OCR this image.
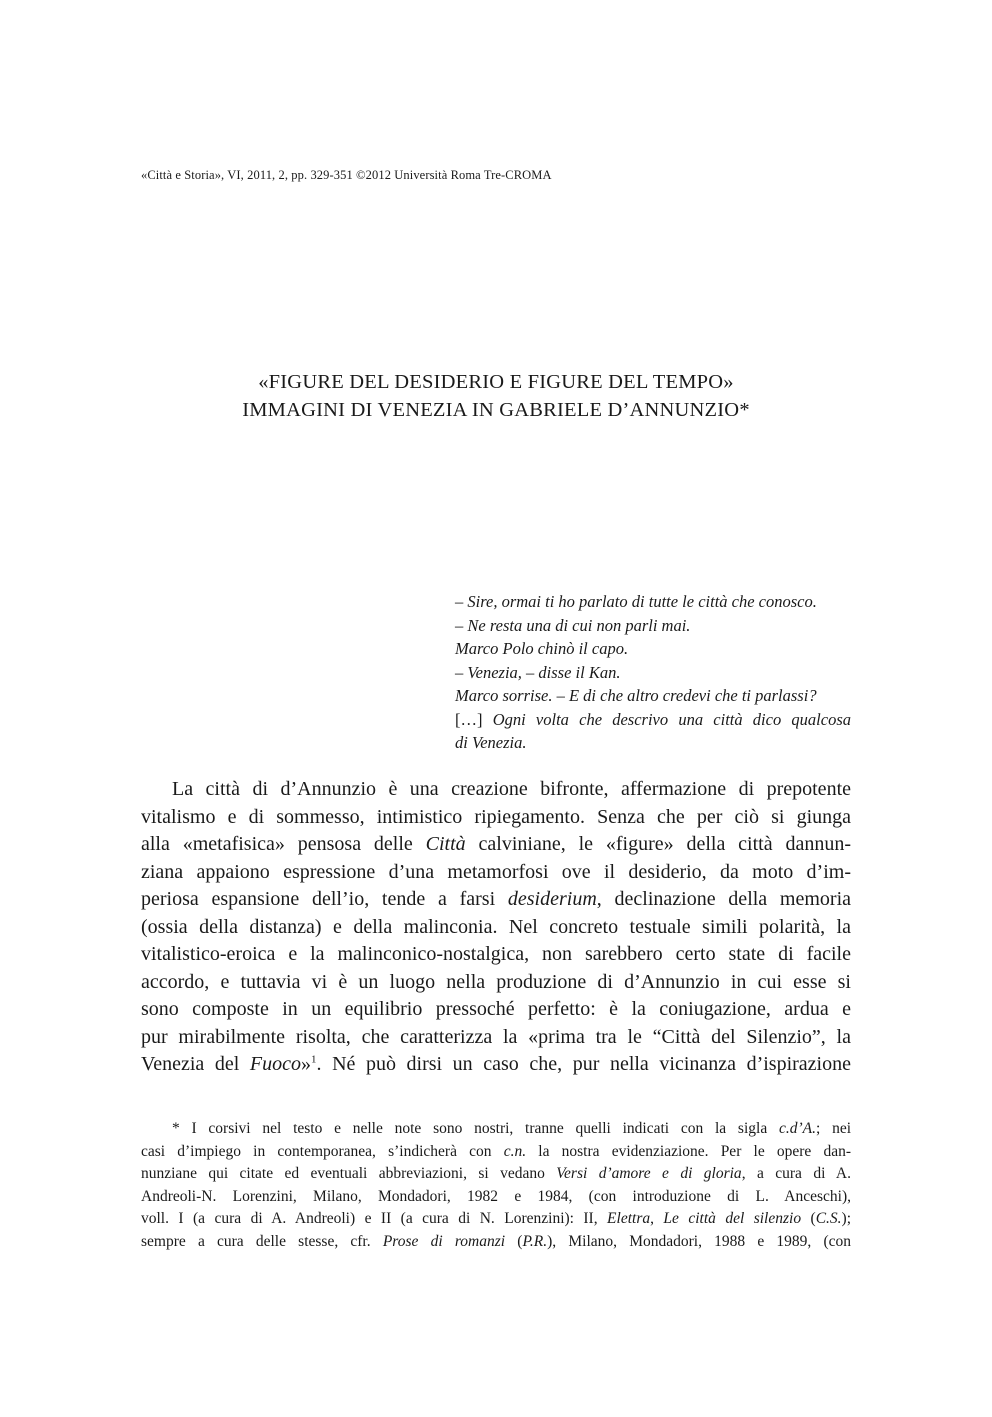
«Città e Storia», VI, 2011, 2, pp. 329-351 ©2012 Università Roma Tre-CROMA
«FIGURE DEL DESIDERIO E FIGURE DEL TEMPO»
IMMAGINI DI VENEZIA IN GABRIELE D’ANNUNZIO*
– Sire, ormai ti ho parlato di tutte le città che conosco.
– Ne resta una di cui non parli mai.
Marco Polo chinò il capo.
– Venezia, – disse il Kan.
Marco sorrise. – E di che altro credevi che ti parlassi?
[…] Ogni volta che descrivo una città dico qualcosa
di Venezia.
La città di d’Annunzio è una creazione bifronte, affermazione di prepotente
vitalismo e di sommesso, intimistico ripiegamento. Senza che per ciò si giunga
alla «metafisica» pensosa delle Città calviniane, le «figure» della città dannun-
ziana appaiono espressione d’una metamorfosi ove il desiderio, da moto d’im-
periosa espansione dell’io, tende a farsi desiderium, declinazione della memoria
(ossia della distanza) e della malinconia. Nel concreto testuale simili polarità, la
vitalistico-eroica e la malinconico-nostalgica, non sarebbero certo state di facile
accordo, e tuttavia vi è un luogo nella produzione di d’Annunzio in cui esse si
sono composte in un equilibrio pressoché perfetto: è la coniugazione, ardua e
pur mirabilmente risolta, che caratterizza la «prima tra le “Città del Silenzio”, la
Venezia del Fuoco»$^1$. Né può dirsi un caso che, pur nella vicinanza d’ispirazione
* I corsivi nel testo e nelle note sono nostri, tranne quelli indicati con la sigla c.d’A.; nei
casi d’impiego in contemporanea, s’indicherà con c.n. la nostra evidenziazione. Per le opere dan-
nunziane qui citate ed eventuali abbreviazioni, si vedano Versi d’amore e di gloria, a cura di A.
Andreoli-N. Lorenzini, Milano, Mondadori, 1982 e 1984, (con introduzione di L. Anceschi),
voll. I (a cura di A. Andreoli) e II (a cura di N. Lorenzini): II, Elettra, Le città del silenzio (C.S.);
sempre a cura delle stesse, cfr. Prose di romanzi (P.R.), Milano, Mondadori, 1988 e 1989, (con
